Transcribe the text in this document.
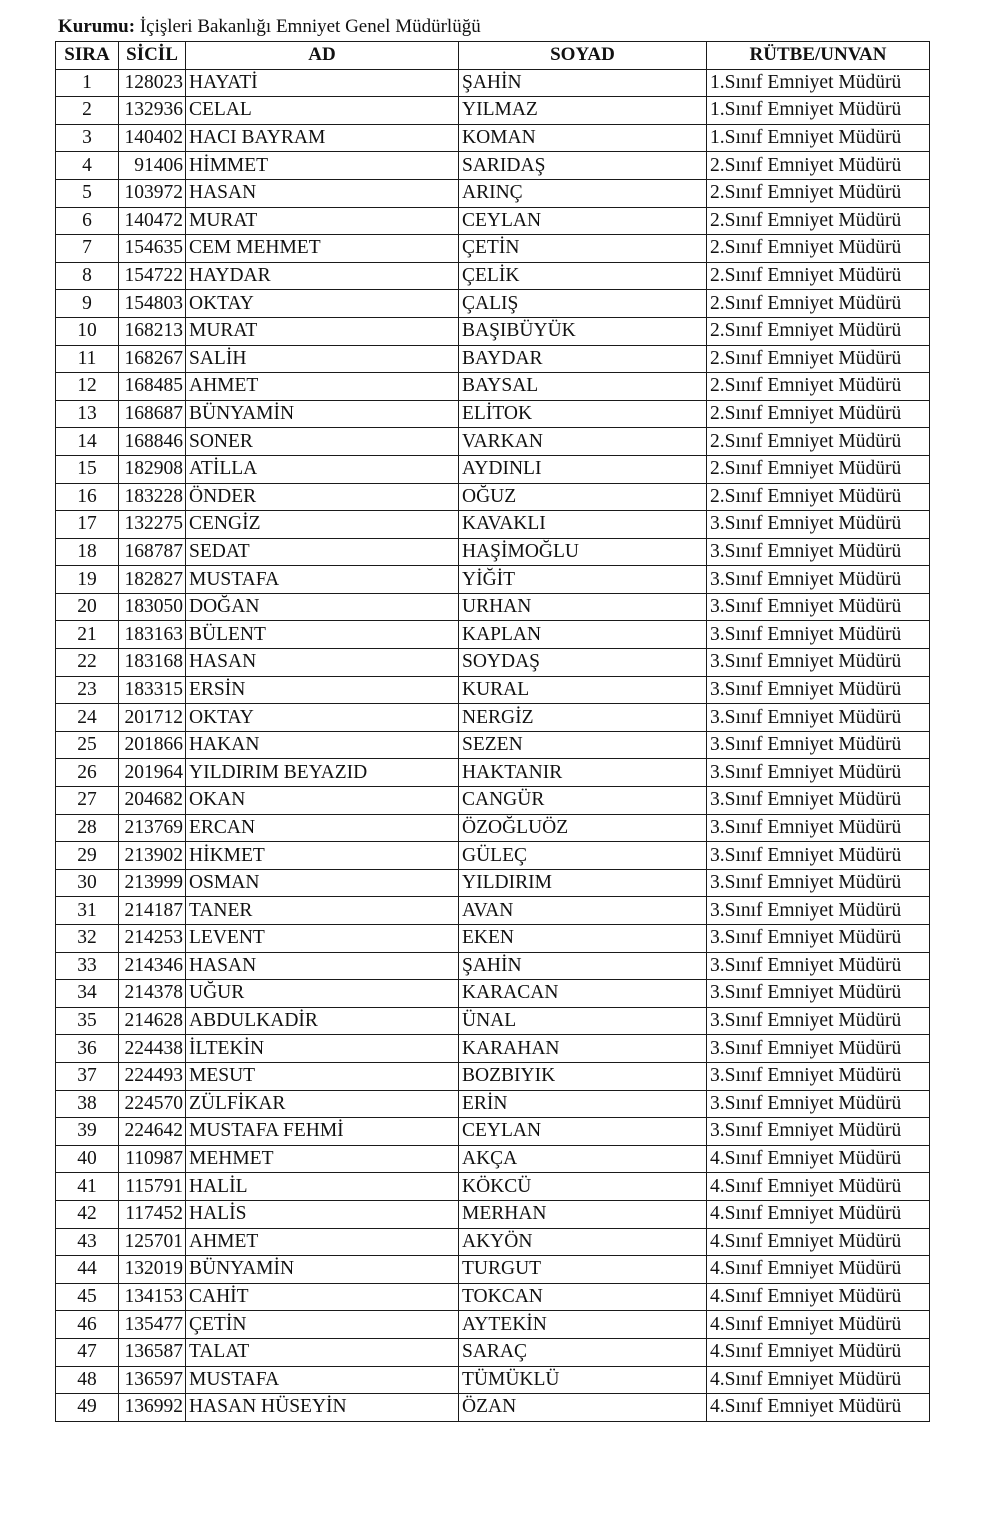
Kurumu: İçişleri Bakanlığı Emniyet Genel Müdürlüğü
SIRA	SİCİL	AD	SOYAD	RÜTBE/UNVAN
1	128023	HAYATİ	ŞAHİN	1.Sınıf Emniyet Müdürü
2	132936	CELAL	YILMAZ	1.Sınıf Emniyet Müdürü
3	140402	HACI BAYRAM	KOMAN	1.Sınıf Emniyet Müdürü
4	91406	HİMMET	SARIDAŞ	2.Sınıf Emniyet Müdürü
5	103972	HASAN	ARINÇ	2.Sınıf Emniyet Müdürü
6	140472	MURAT	CEYLAN	2.Sınıf Emniyet Müdürü
7	154635	CEM MEHMET	ÇETİN	2.Sınıf Emniyet Müdürü
8	154722	HAYDAR	ÇELİK	2.Sınıf Emniyet Müdürü
9	154803	OKTAY	ÇALIŞ	2.Sınıf Emniyet Müdürü
10	168213	MURAT	BAŞIBÜYÜK	2.Sınıf Emniyet Müdürü
11	168267	SALİH	BAYDAR	2.Sınıf Emniyet Müdürü
12	168485	AHMET	BAYSAL	2.Sınıf Emniyet Müdürü
13	168687	BÜNYAMİN	ELİTOK	2.Sınıf Emniyet Müdürü
14	168846	SONER	VARKAN	2.Sınıf Emniyet Müdürü
15	182908	ATİLLA	AYDINLI	2.Sınıf Emniyet Müdürü
16	183228	ÖNDER	OĞUZ	2.Sınıf Emniyet Müdürü
17	132275	CENGİZ	KAVAKLI	3.Sınıf Emniyet Müdürü
18	168787	SEDAT	HAŞİMOĞLU	3.Sınıf Emniyet Müdürü
19	182827	MUSTAFA	YİĞİT	3.Sınıf Emniyet Müdürü
20	183050	DOĞAN	URHAN	3.Sınıf Emniyet Müdürü
21	183163	BÜLENT	KAPLAN	3.Sınıf Emniyet Müdürü
22	183168	HASAN	SOYDAŞ	3.Sınıf Emniyet Müdürü
23	183315	ERSİN	KURAL	3.Sınıf Emniyet Müdürü
24	201712	OKTAY	NERGİZ	3.Sınıf Emniyet Müdürü
25	201866	HAKAN	SEZEN	3.Sınıf Emniyet Müdürü
26	201964	YILDIRIM BEYAZID	HAKTANIR	3.Sınıf Emniyet Müdürü
27	204682	OKAN	CANGÜR	3.Sınıf Emniyet Müdürü
28	213769	ERCAN	ÖZOĞLUÖZ	3.Sınıf Emniyet Müdürü
29	213902	HİKMET	GÜLEÇ	3.Sınıf Emniyet Müdürü
30	213999	OSMAN	YILDIRIM	3.Sınıf Emniyet Müdürü
31	214187	TANER	AVAN	3.Sınıf Emniyet Müdürü
32	214253	LEVENT	EKEN	3.Sınıf Emniyet Müdürü
33	214346	HASAN	ŞAHİN	3.Sınıf Emniyet Müdürü
34	214378	UĞUR	KARACAN	3.Sınıf Emniyet Müdürü
35	214628	ABDULKADİR	ÜNAL	3.Sınıf Emniyet Müdürü
36	224438	İLTEKİN	KARAHAN	3.Sınıf Emniyet Müdürü
37	224493	MESUT	BOZBIYIK	3.Sınıf Emniyet Müdürü
38	224570	ZÜLFİKAR	ERİN	3.Sınıf Emniyet Müdürü
39	224642	MUSTAFA FEHMİ	CEYLAN	3.Sınıf Emniyet Müdürü
40	110987	MEHMET	AKÇA	4.Sınıf Emniyet Müdürü
41	115791	HALİL	KÖKCÜ	4.Sınıf Emniyet Müdürü
42	117452	HALİS	MERHAN	4.Sınıf Emniyet Müdürü
43	125701	AHMET	AKYÖN	4.Sınıf Emniyet Müdürü
44	132019	BÜNYAMİN	TURGUT	4.Sınıf Emniyet Müdürü
45	134153	CAHİT	TOKCAN	4.Sınıf Emniyet Müdürü
46	135477	ÇETİN	AYTEKİN	4.Sınıf Emniyet Müdürü
47	136587	TALAT	SARAÇ	4.Sınıf Emniyet Müdürü
48	136597	MUSTAFA	TÜMÜKLÜ	4.Sınıf Emniyet Müdürü
49	136992	HASAN HÜSEYİN	ÖZAN	4.Sınıf Emniyet Müdürü
